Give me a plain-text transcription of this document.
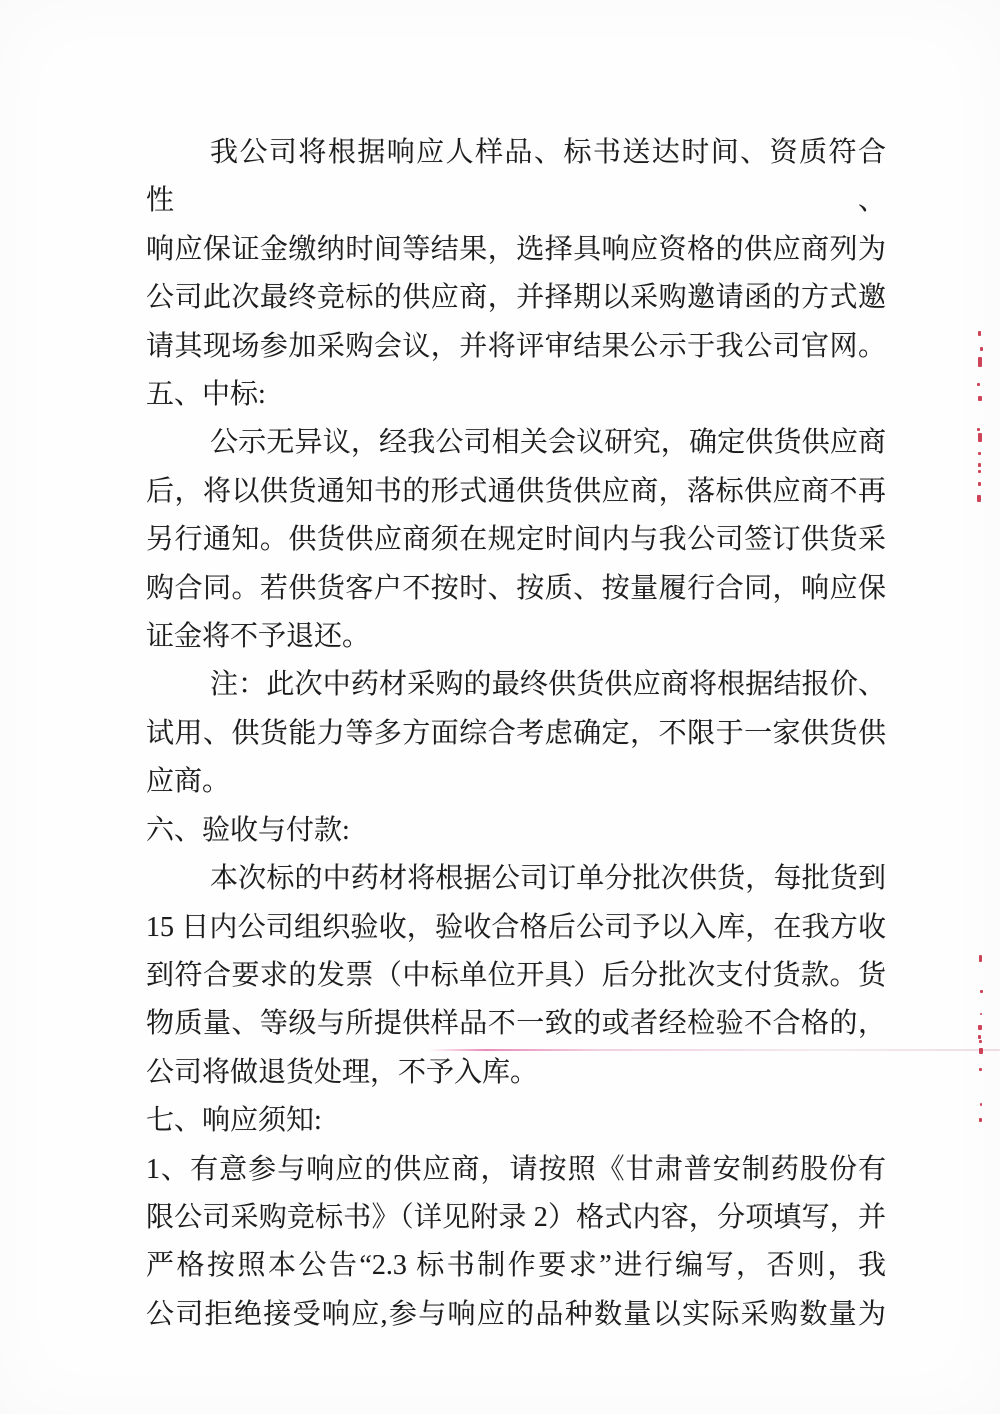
我公司将根据响应人样品、标书送达时间、资质符合性、
响应保证金缴纳时间等结果，选择具响应资格的供应商列为
公司此次最终竞标的供应商，并择期以采购邀请函的方式邀
请其现场参加采购会议，并将评审结果公示于我公司官网。
五、中标:
公示无异议，经我公司相关会议研究，确定供货供应商
后，将以供货通知书的形式通供货供应商，落标供应商不再
另行通知。供货供应商须在规定时间内与我公司签订供货采
购合同。若供货客户不按时、按质、按量履行合同，响应保
证金将不予退还。
注：此次中药材采购的最终供货供应商将根据结报价、
试用、供货能力等多方面综合考虑确定，不限于一家供货供
应商。
六、验收与付款:
本次标的中药材将根据公司订单分批次供货，每批货到
15 日内公司组织验收，验收合格后公司予以入库，在我方收
到符合要求的发票（中标单位开具）后分批次支付货款。货
物质量、等级与所提供样品不一致的或者经检验不合格的，
公司将做退货处理，不予入库。
七、响应须知:
1、有意参与响应的供应商，请按照《甘肃普安制药股份有
限公司采购竞标书》（详见附录 2）格式内容，分项填写，并
严格按照本公告“2.3 标书制作要求”进行编写，否则，我
公司拒绝接受响应,参与响应的品种数量以实际采购数量为
